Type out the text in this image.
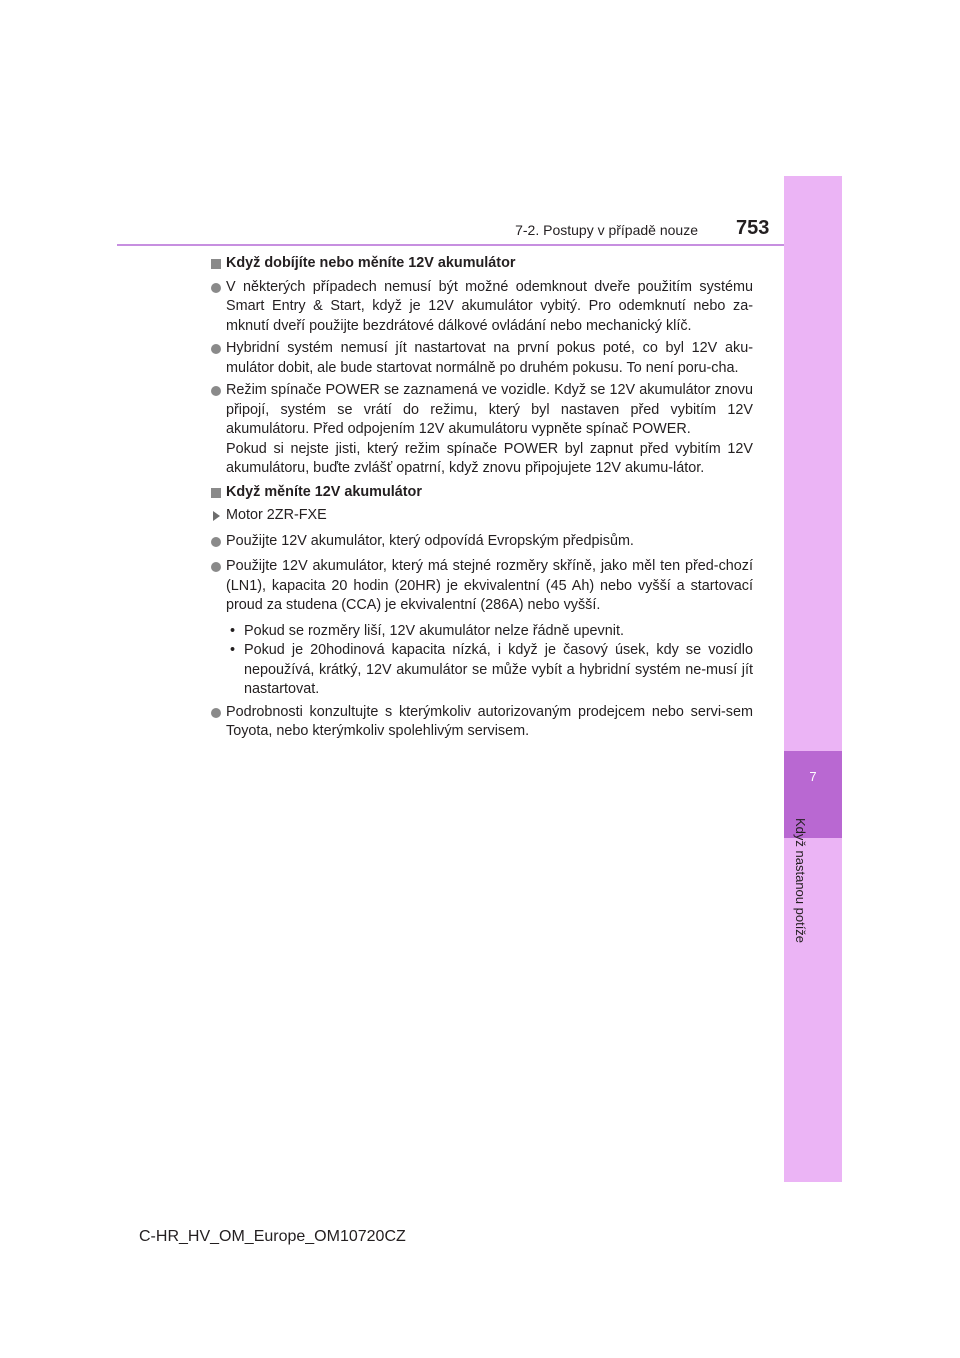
7
Když nastanou potíže
7-2. Postupy v případě nouze 753
Když dobíjíte nebo měníte 12V akumulátor
V některých případech nemusí být možné odemknout dveře použitím systému Smart Entry & Start, když je 12V akumulátor vybitý. Pro odemknutí nebo za-mknutí dveří použijte bezdrátové dálkové ovládání nebo mechanický klíč.
Hybridní systém nemusí jít nastartovat na první pokus poté, co byl 12V aku-mulátor dobit, ale bude startovat normálně po druhém pokusu. To není poru-cha.
Režim spínače POWER se zaznamená ve vozidle. Když se 12V akumulátor znovu připojí, systém se vrátí do režimu, který byl nastaven před vybitím 12V akumulátoru. Před odpojením 12V akumulátoru vypněte spínač POWER.
Pokud si nejste jisti, který režim spínače POWER byl zapnut před vybitím 12V akumulátoru, buďte zvlášť opatrní, když znovu připojujete 12V akumu-látor.
Když měníte 12V akumulátor
Motor 2ZR-FXE
Použijte 12V akumulátor, který odpovídá Evropským předpisům.
Použijte 12V akumulátor, který má stejné rozměry skříně, jako měl ten před-chozí (LN1), kapacita 20 hodin (20HR) je ekvivalentní (45 Ah) nebo vyšší a startovací proud za studena (CCA) je ekvivalentní (286A) nebo vyšší.
• Pokud se rozměry liší, 12V akumulátor nelze řádně upevnit.
• Pokud je 20hodinová kapacita nízká, i když je časový úsek, kdy se vozidlo nepoužívá, krátký, 12V akumulátor se může vybít a hybridní systém ne-musí jít nastartovat.
Podrobnosti konzultujte s kterýmkoliv autorizovaným prodejcem nebo servi-sem Toyota, nebo kterýmkoliv spolehlivým servisem.
C-HR_HV_OM_Europe_OM10720CZ
